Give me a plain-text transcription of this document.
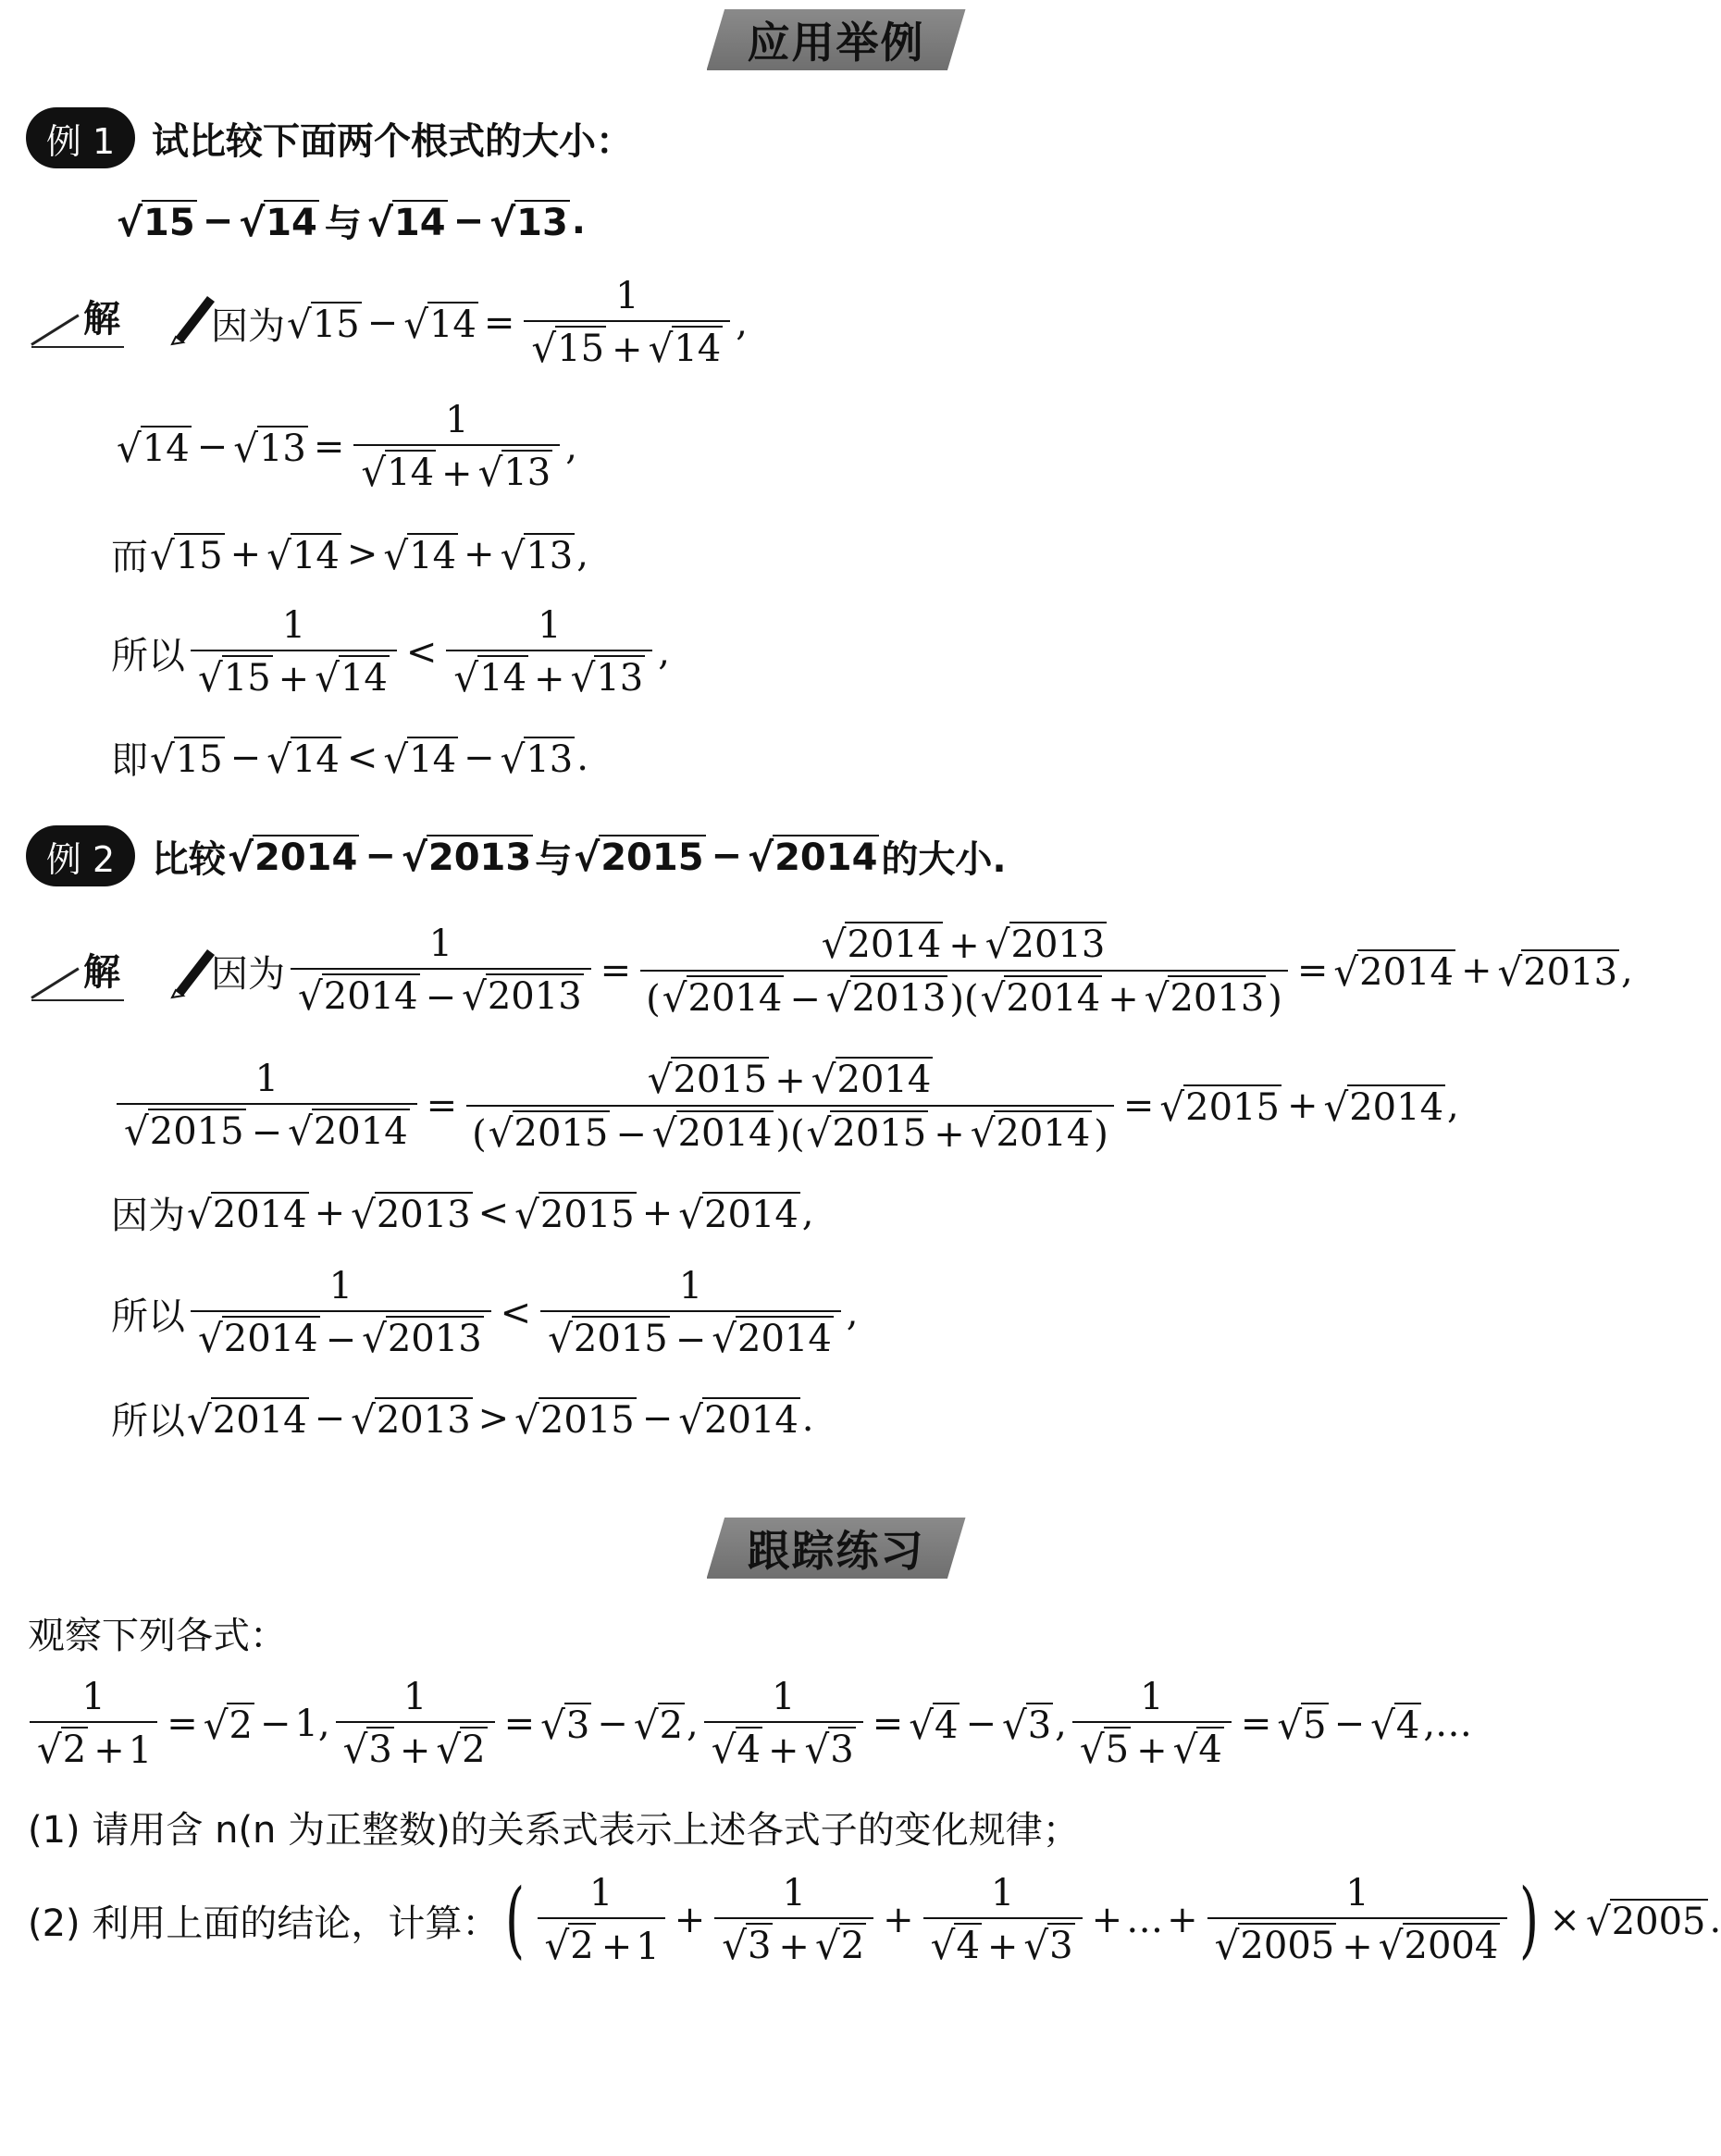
应用举例
例 1 试比较下面两个根式的大小：
√ 15 − √ 14 与 √ 14 − √ 13 .
解 因为 √ 15 − √ $14 = \frac{1}{√ 15 + √ 14}$ ,
√ 14 − √ $13 = \frac{1}{√ 14 + √ 13}$ ,
而 √ 15 + √ 14 > √ 14 + √ 13 ,
所以 $\frac{1}{√ 15 + √ 14} < \frac{1}{√ 14 + √ 13}$ ,
即 √ 15 − √ 14 < √ 14 − √ 13 .
例 2 比较 √ 2014 − √ 2013 与 √ 2015 − √ 2014 的大小.
解 因为 $\frac{1}{√ 2014 - √ 2013} = \frac{√ 2014 + √ 2013}{( √ 2014 - √ 2013 )( √ 2014 + √ 2013 )}$ = √ 2014 + √ 2013 ,
$\frac{1}{√ 2015 - √ 2014} = \frac{√ 2015 + √ 2014}{( √ 2015 - √ 2014 )( √ 2015 + √ 2014 )}$ = √ 2015 + √ 2014 ,
因为 √ 2014 + √ 2013 < √ 2015 + √ 2014 ,
所以 $\frac{1}{√ 2014 - √ 2013} < \frac{1}{√ 2015 - √ 2014}$ ,
所以 √ 2014 − √ 2013 > √ 2015 − √ 2014 .
跟踪练习
观察下列各式：
$\frac{1}{√ 2 + 1}$ = √ 2 − 1 , $\frac{1}{√ 3 + √ 2}$ = √ 3 − √ 2 , $\frac{1}{√ 4 + √ 3}$ = √ 4 − √ 3 , $\frac{1}{√ 5 + √ 4}$ = √ 5 − √ 4 ,…
(1) 请用含 n(n 为正整数)的关系式表示上述各式子的变化规律；
(2) 利用上面的结论，计算： ( $\frac{1}{√ 2 + 1} + \frac{1}{√ 3 + √ 2} + \frac{1}{√ 4 + √ 3}$ + … + $\frac{1}{√ 2005 + √ 2004}$ ) × √ 2005 .
